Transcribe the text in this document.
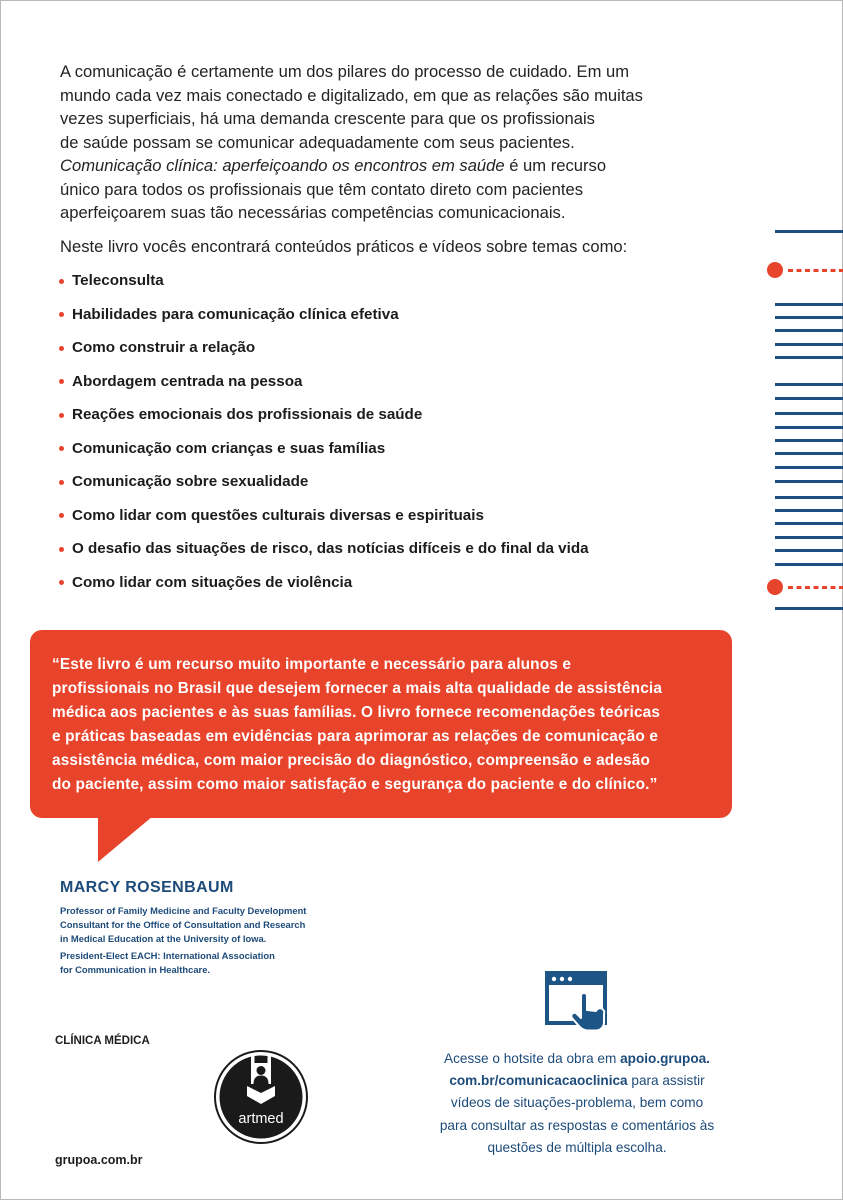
A comunicação é certamente um dos pilares do processo de cuidado. Em um
mundo cada vez mais conectado e digitalizado, em que as relações são muitas
vezes superficiais, há uma demanda crescente para que os profissionais
de saúde possam se comunicar adequadamente com seus pacientes.
Comunicação clínica: aperfeiçoando os encontros em saúde é um recurso
único para todos os profissionais que têm contato direto com pacientes
aperfeiçoarem suas tão necessárias competências comunicacionais.
Neste livro vocês encontrará conteúdos práticos e vídeos sobre temas como:
Teleconsulta
Habilidades para comunicação clínica efetiva
Como construir a relação
Abordagem centrada na pessoa
Reações emocionais dos profissionais de saúde
Comunicação com crianças e suas famílias
Comunicação sobre sexualidade
Como lidar com questões culturais diversas e espirituais
O desafio das situações de risco, das notícias difíceis e do final da vida
Como lidar com situações de violência
“Este livro é um recurso muito importante e necessário para alunos e
profissionais no Brasil que desejem fornecer a mais alta qualidade de assistência
médica aos pacientes e às suas famílias. O livro fornece recomendações teóricas
e práticas baseadas em evidências para aprimorar as relações de comunicação e
assistência médica, com maior precisão do diagnóstico, compreensão e adesão
do paciente, assim como maior satisfação e segurança do paciente e do clínico.”
MARCY ROSENBAUM
Professor of Family Medicine and Faculty Development
Consultant for the Office of Consultation and Research
in Medical Education at the University of Iowa.
President-Elect EACH: International Association
for Communication in Healthcare.
CLÍNICA MÉDICA
grupoa.com.br
artmed
Acesse o hotsite da obra em apoio.grupoa.
com.br/comunicacaoclinica para assistir
vídeos de situações-problema, bem como
para consultar as respostas e comentários às
questões de múltipla escolha.
